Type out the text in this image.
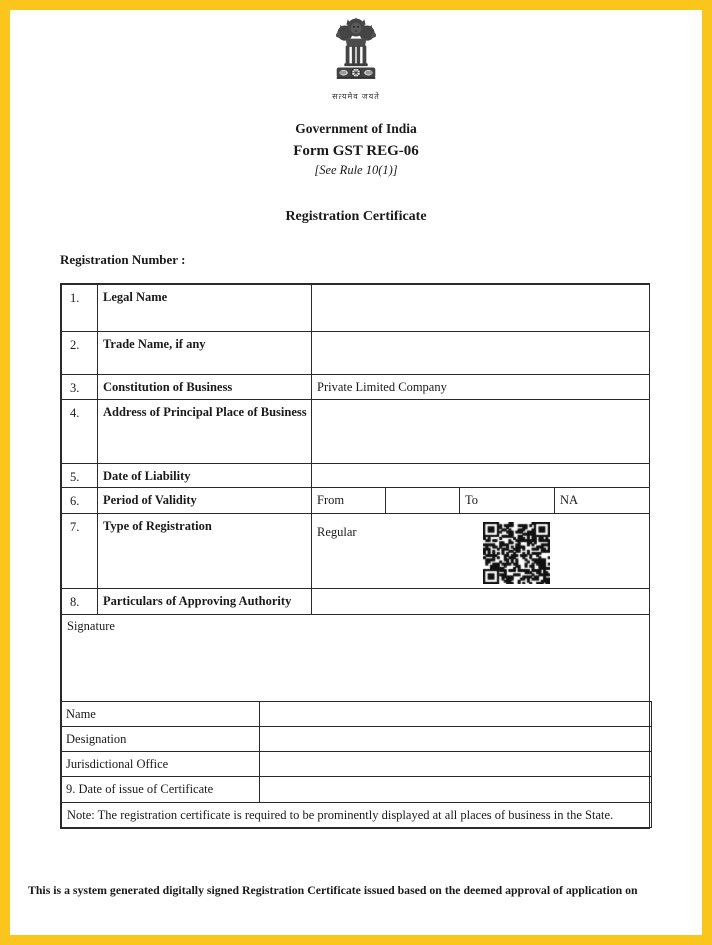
सत्यमेव जयते
Government of India
Form GST REG-06
[See Rule 10(1)]
Registration Certificate
Registration Number :
1.	Legal Name				
2.	Trade Name, if any				
3.	Constitution of Business	Private Limited Company			
4.	Address of Principal Place of Business				
5.	Date of Liability				
6.	Period of Validity	From		To	NA
7.	Type of Registration	Regular			

8.	Particulars of Approving Authority				
Signature					
Name	
Designation	
Jurisdictional Office	
9. Date of issue of Certificate	
Note: The registration certificate is required to be prominently displayed at all places of business in the State.	
This is a system generated digitally signed Registration Certificate issued based on the deemed approval of application on
